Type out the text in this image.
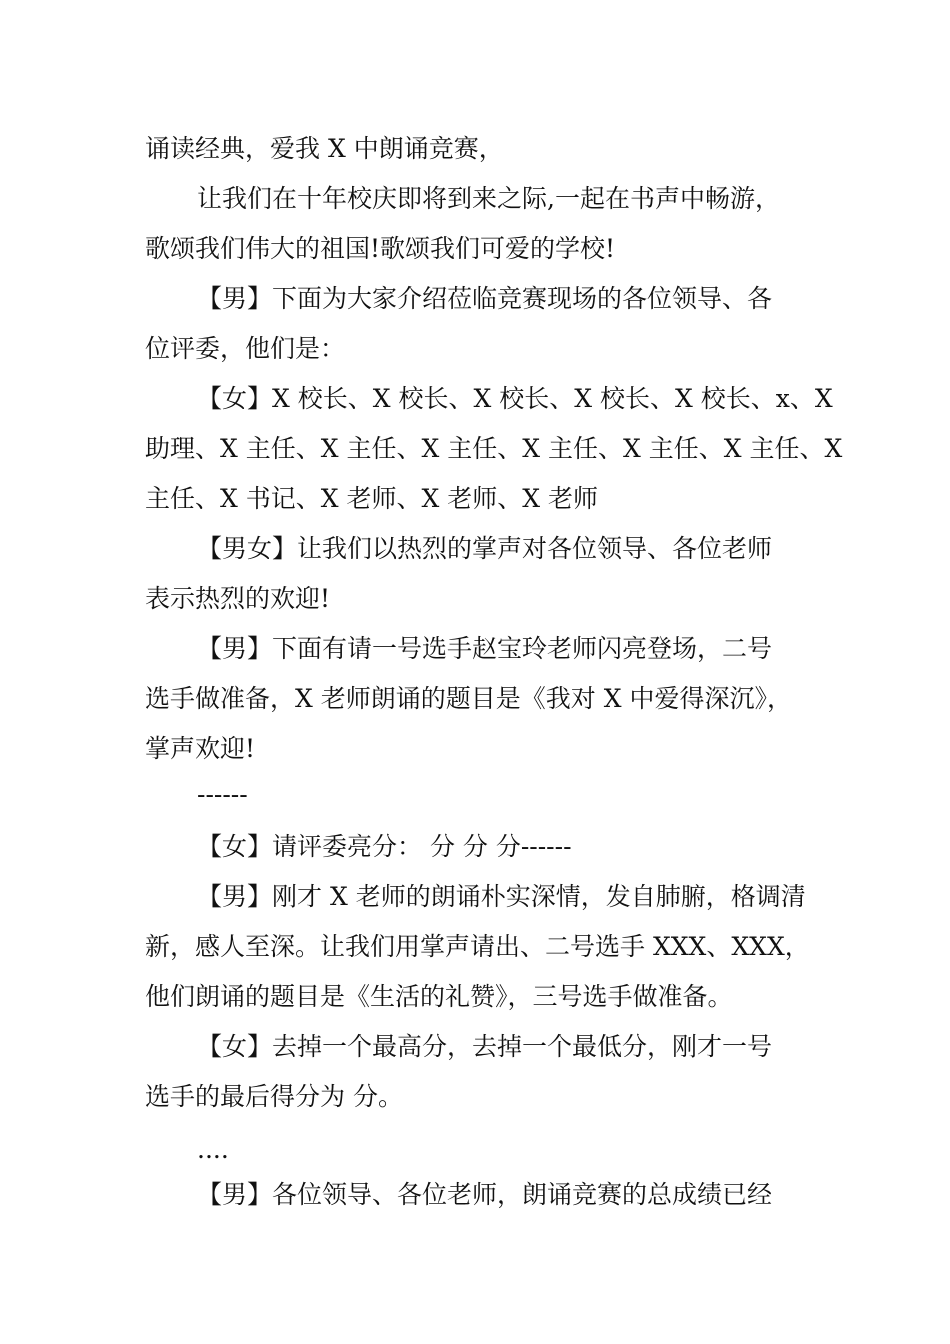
诵读经典，爱我 X 中朗诵竞赛，

让我们在十年校庆即将到来之际,一起在书声中畅游，
歌颂我们伟大的祖国!歌颂我们可爱的学校!

【男】下面为大家介绍莅临竞赛现场的各位领导、各
位评委，他们是：

【女】X 校长、X 校长、X 校长、X 校长、X 校长、x、X
助理、X 主任、X 主任、X 主任、X 主任、X 主任、X 主任、X
主任、X 书记、X 老师、X 老师、X 老师

【男女】让我们以热烈的掌声对各位领导、各位老师
表示热烈的欢迎!

【男】下面有请一号选手赵宝玲老师闪亮登场，二号
选手做准备，X 老师朗诵的题目是《我对 X 中爱得深沉》，
掌声欢迎!

------

【女】请评委亮分： 分 分 分------

【男】刚才 X 老师的朗诵朴实深情，发自肺腑，格调清
新，感人至深。让我们用掌声请出、二号选手 XXX、XXX，
他们朗诵的题目是《生活的礼赞》，三号选手做准备。

【女】去掉一个最高分，去掉一个最低分，刚才一号
选手的最后得分为 分。

....

【男】各位领导、各位老师，朗诵竞赛的总成绩已经
